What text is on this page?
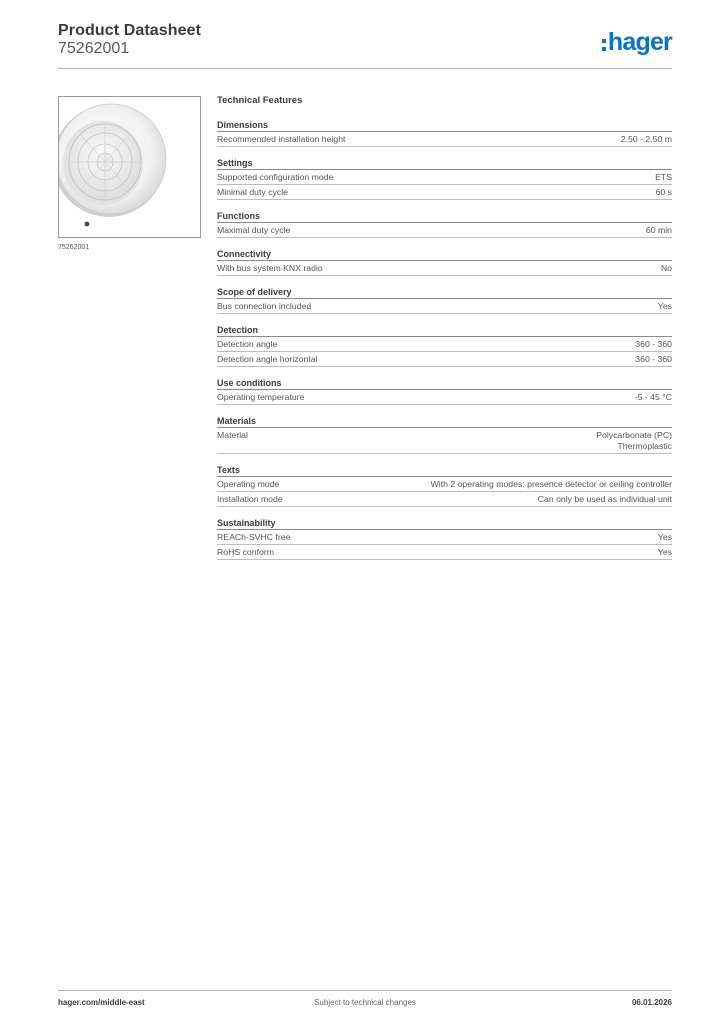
Product Datasheet
75262001	hager
75262001
Technical Features
Dimensions
Recommended installation height	2.50 - 2.50 m
Settings
Supported configuration mode	ETS
Minimal duty cycle	60 s
Functions
Maximal duty cycle	60 min
Connectivity
With bus system KNX radio	No
Scope of delivery
Bus connection included	Yes
Detection
Detection angle	360 - 360
Detection angle horizontal	360 - 360
Use conditions
Operating temperature	-5 - 45 °C
Materials
Material	Polycarbonate (PC)
Thermoplastic
Texts
Operating mode	With 2 operating modes: presence detector or ceiling controller
Installation mode	Can only be used as individual unit
Sustainability
REACh-SVHC free	Yes
RoHS conform	Yes
hager.com/middle-east	Subject to technical changes	06.01.2026
